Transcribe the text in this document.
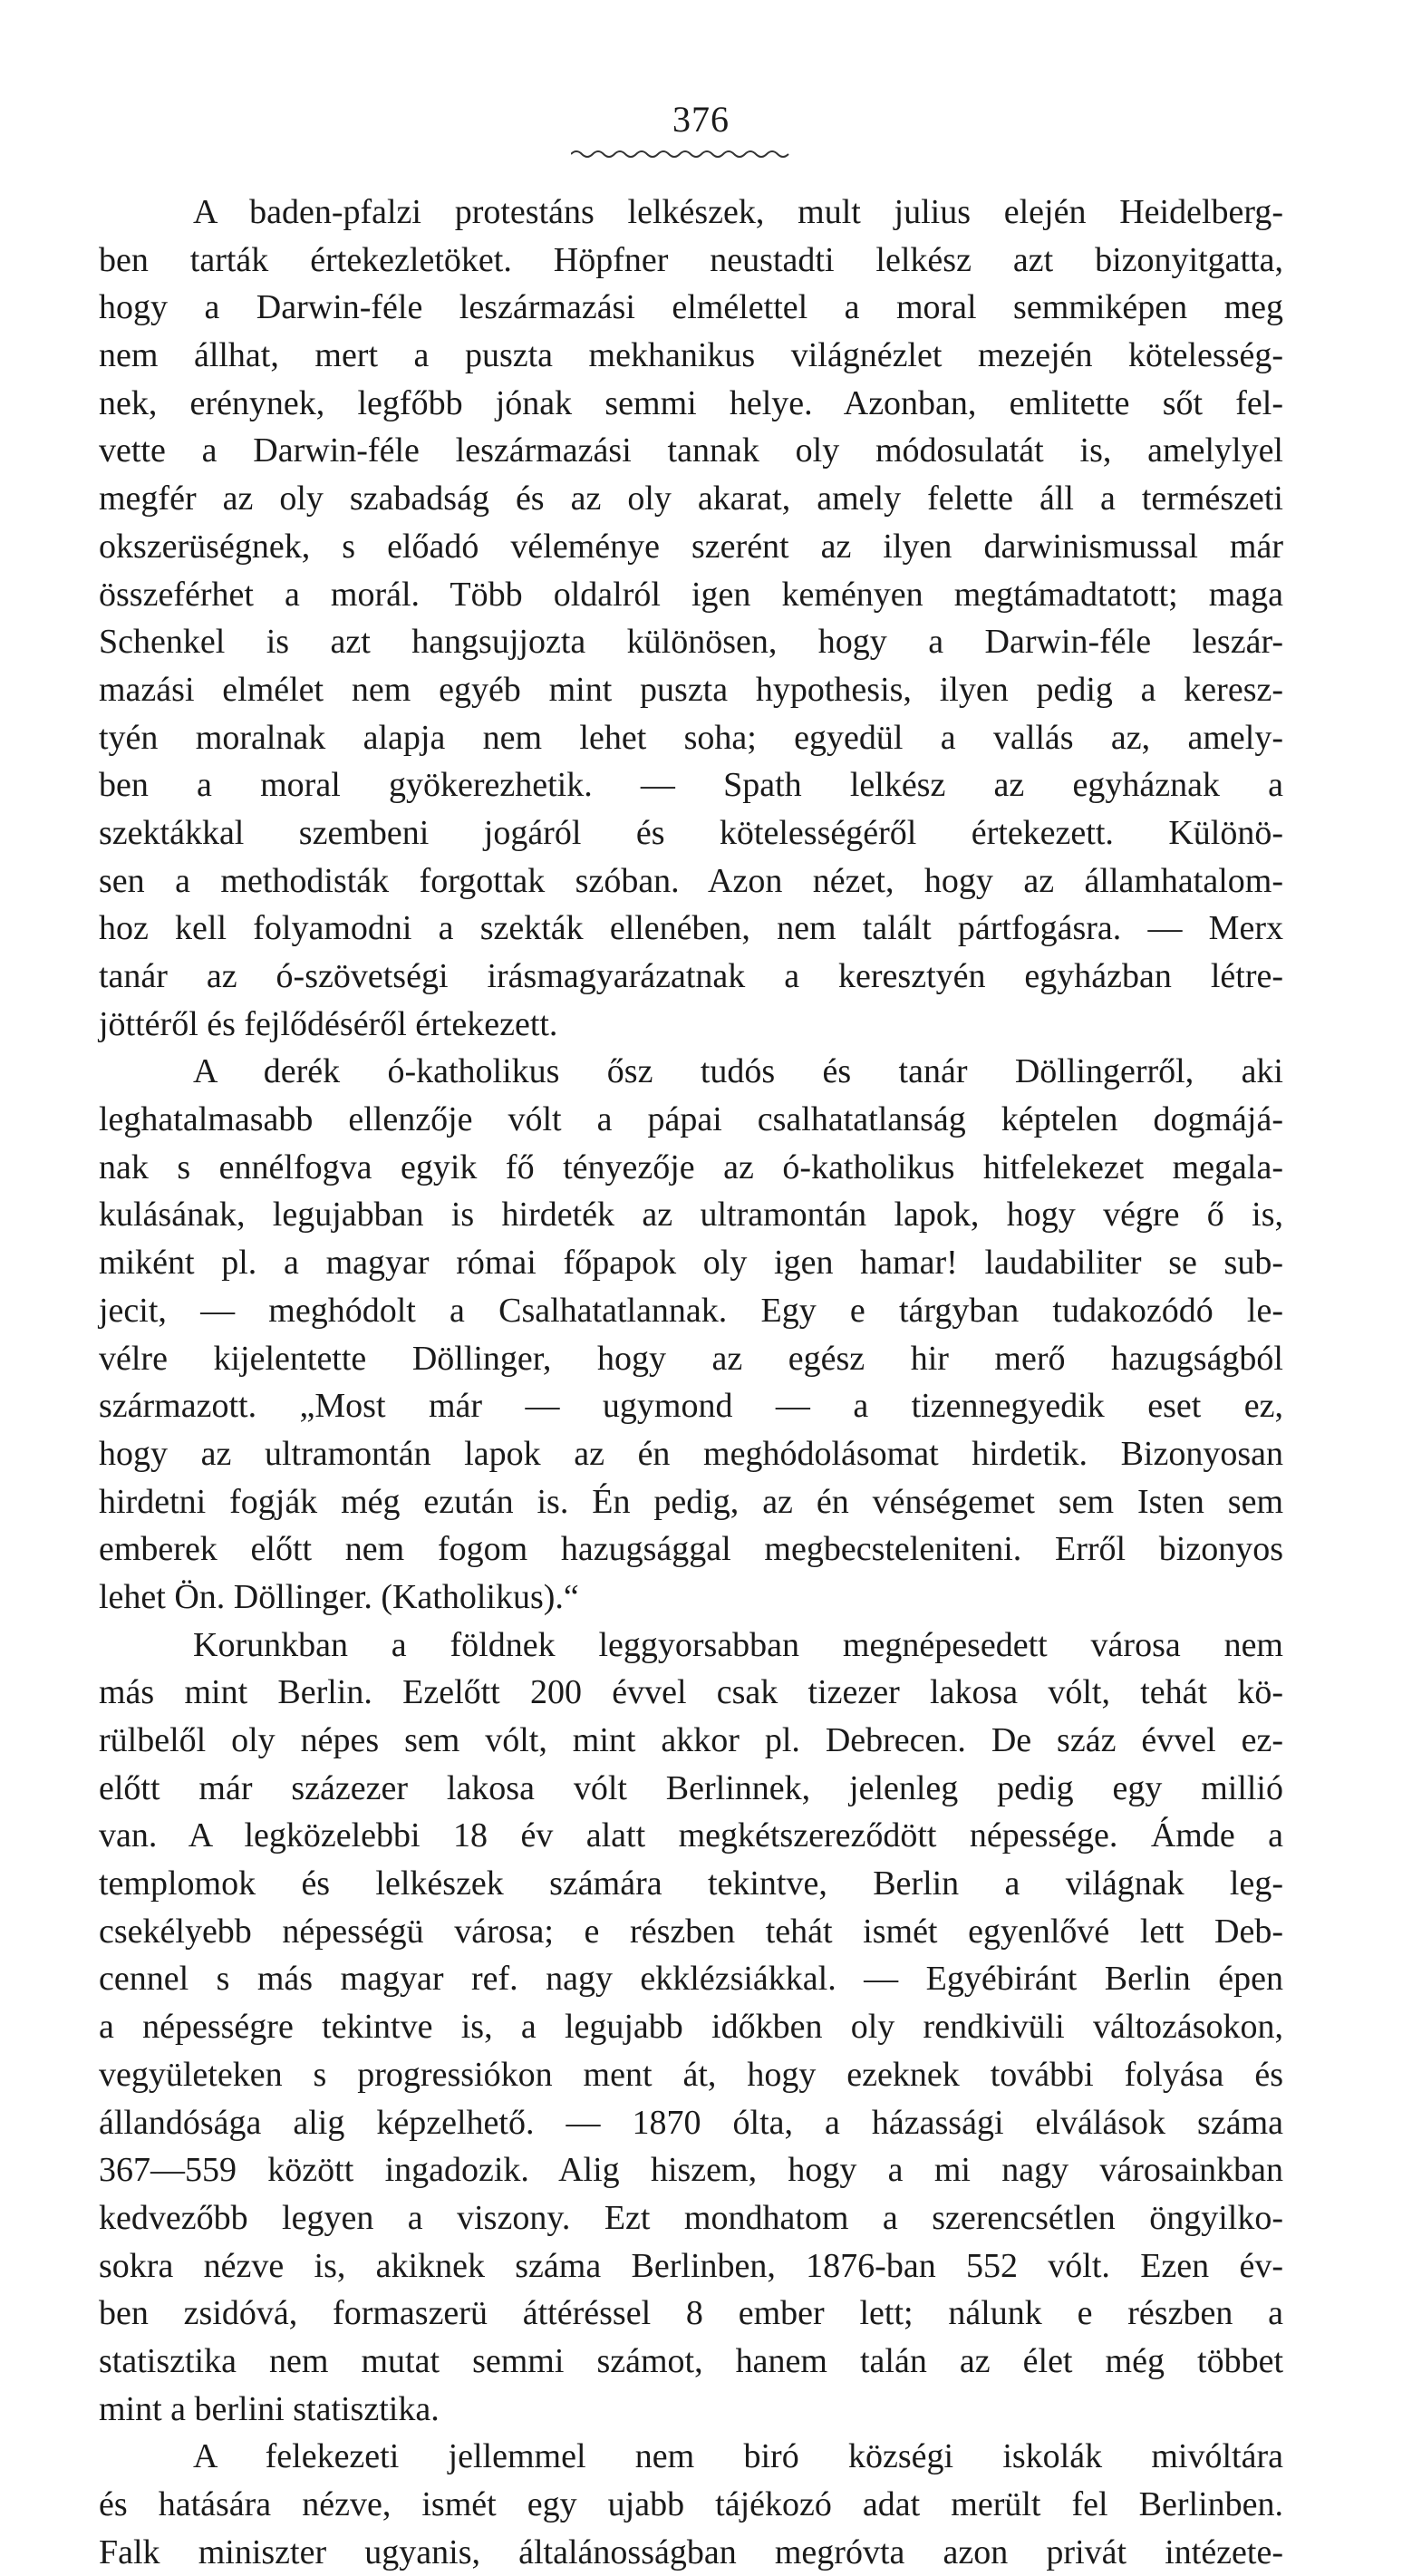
376
A baden-pfalzi protestáns lelkészek, mult julius elején Heidelberg-
ben tarták értekezletöket. Höpfner neustadti lelkész azt bizonyitgatta,
hogy a Darwin-féle leszármazási elmélettel a moral semmiképen meg
nem állhat, mert a puszta mekhanikus világnézlet mezején kötelesség-
nek, erénynek, legfőbb jónak semmi helye. Azonban, emlitette sőt fel-
vette a Darwin-féle leszármazási tannak oly módosulatát is, amelylyel
megfér az oly szabadság és az oly akarat, amely felette áll a természeti
okszerüségnek, s előadó véleménye szerént az ilyen darwinismussal már
összeférhet a morál. Több oldalról igen keményen megtámadtatott; maga
Schenkel is azt hangsujjozta különösen, hogy a Darwin-féle leszár-
mazási elmélet nem egyéb mint puszta hypothesis, ilyen pedig a keresz-
tyén moralnak alapja nem lehet soha; egyedül a vallás az, amely-
ben a moral gyökerezhetik. — Spath lelkész az egyháznak a
szektákkal szembeni jogáról és kötelességéről értekezett. Különö-
sen a methodisták forgottak szóban. Azon nézet, hogy az államhatalom-
hoz kell folyamodni a szekták ellenében, nem talált pártfogásra. — Merx
tanár az ó-szövetségi irásmagyarázatnak a keresztyén egyházban létre-
jöttéről és fejlődéséről értekezett.
A derék ó-katholikus ősz tudós és tanár Döllingerről, aki
leghatalmasabb ellenzője vólt a pápai csalhatatlanság képtelen dogmájá-
nak s ennélfogva egyik fő tényezője az ó-katholikus hitfelekezet megala-
kulásának, legujabban is hirdeték az ultramontán lapok, hogy végre ő is,
miként pl. a magyar római főpapok oly igen hamar! laudabiliter se sub-
jecit, — meghódolt a Csalhatatlannak. Egy e tárgyban tudakozódó le-
vélre kijelentette Döllinger, hogy az egész hir merő hazugságból
származott. „Most már — ugymond — a tizennegyedik eset ez,
hogy az ultramontán lapok az én meghódolásomat hirdetik. Bizonyosan
hirdetni fogják még ezután is. Én pedig, az én vénségemet sem Isten sem
emberek előtt nem fogom hazugsággal megbecsteleniteni. Erről bizonyos
lehet Ön. Döllinger. (Katholikus).“
Korunkban a földnek leggyorsabban megnépesedett városa nem
más mint Berlin. Ezelőtt 200 évvel csak tizezer lakosa vólt, tehát kö-
rülbelől oly népes sem vólt, mint akkor pl. Debrecen. De száz évvel ez-
előtt már százezer lakosa vólt Berlinnek, jelenleg pedig egy millió
van. A legközelebbi 18 év alatt megkétszereződött népessége. Ámde a
templomok és lelkészek számára tekintve, Berlin a világnak leg-
csekélyebb népességü városa; e részben tehát ismét egyenlővé lett Deb-
cennel s más magyar ref. nagy ekklézsiákkal. — Egyébiránt Berlin épen
a népességre tekintve is, a legujabb időkben oly rendkivüli változásokon,
vegyületeken s progressiókon ment át, hogy ezeknek további folyása és
állandósága alig képzelhető. — 1870 ólta, a házassági elválások száma
367—559 között ingadozik. Alig hiszem, hogy a mi nagy városainkban
kedvezőbb legyen a viszony. Ezt mondhatom a szerencsétlen öngyilko-
sokra nézve is, akiknek száma Berlinben, 1876-ban 552 vólt. Ezen év-
ben zsidóvá, formaszerü áttéréssel 8 ember lett; nálunk e részben a
statisztika nem mutat semmi számot, hanem talán az élet még többet
mint a berlini statisztika.
A felekezeti jellemmel nem biró községi iskolák mivóltára
és hatására nézve, ismét egy ujabb tájékozó adat merült fel Berlinben.
Falk miniszter ugyanis, általánosságban megróvta azon privát intézete-
